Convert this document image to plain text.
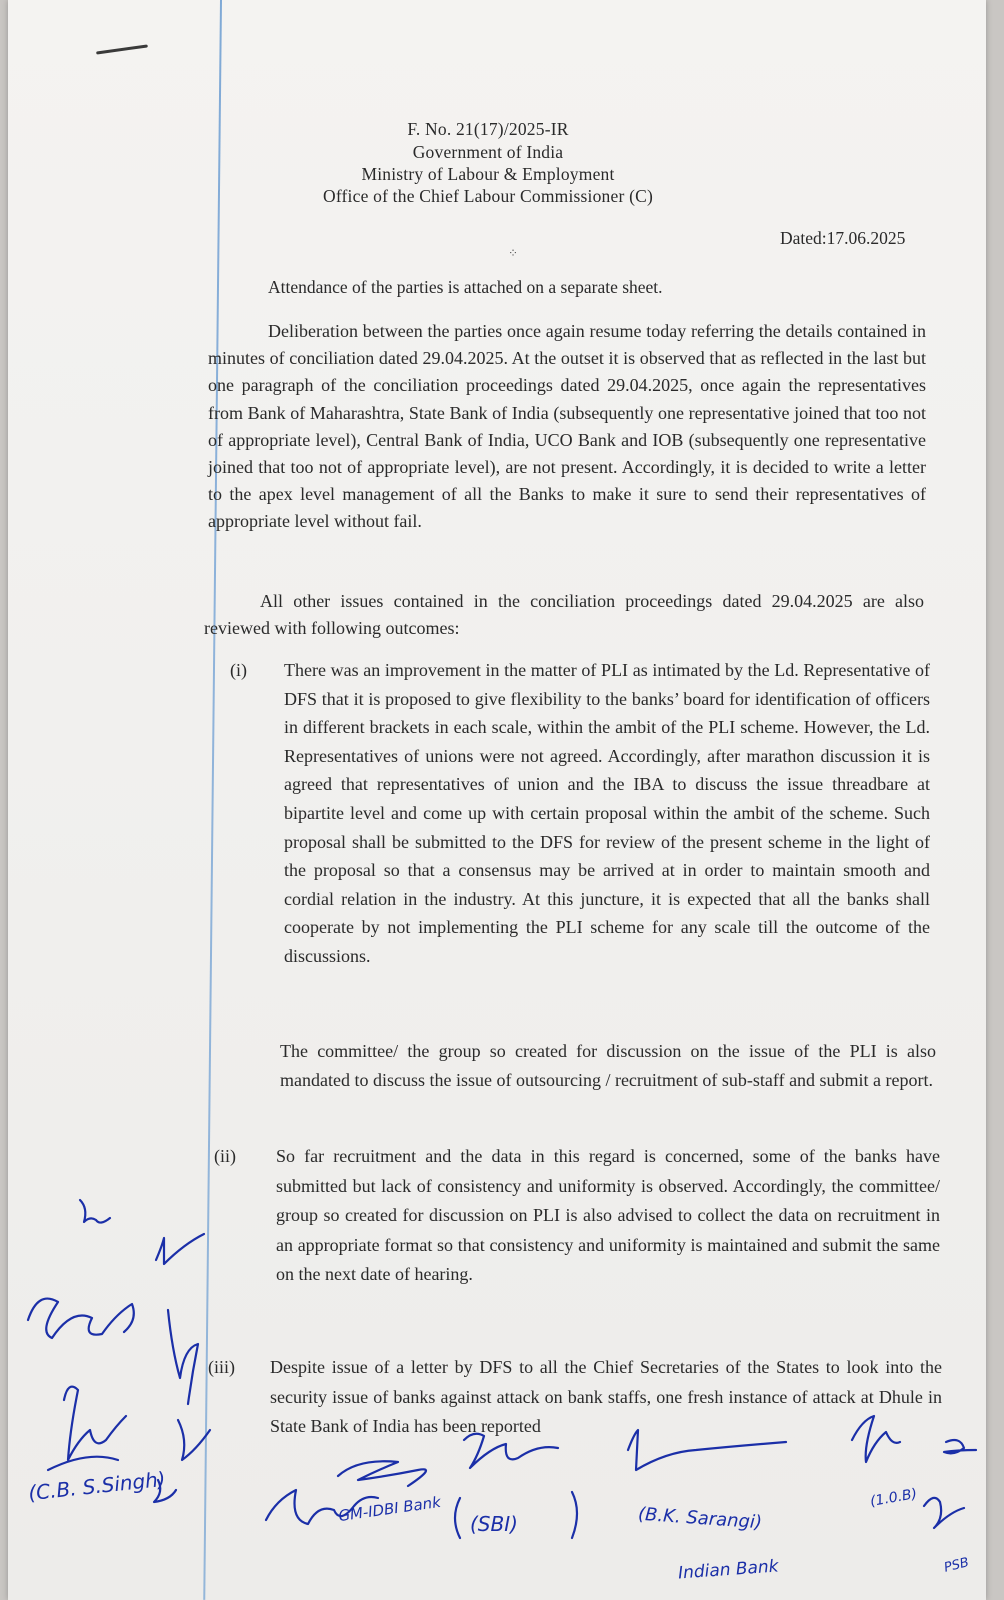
F. No. 21(17)/2025-IR
Government of India
Ministry of Labour & Employment
Office of the Chief Labour Commissioner (C)
Dated:17.06.2025
⁘
Attendance of the parties is attached on a separate sheet.
Deliberation between the parties once again resume today referring the details contained in minutes of conciliation dated 29.04.2025. At the outset it is observed that as reflected in the last but one paragraph of the conciliation proceedings dated 29.04.2025, once again the representatives from Bank of Maharashtra, State Bank of India (subsequently one representative joined that too not of appropriate level), Central Bank of India, UCO Bank and IOB (subsequently one representative joined that too not of appropriate level), are not present. Accordingly, it is decided to write a letter to the apex level management of all the Banks to make it sure to send their representatives of appropriate level without fail.
All other issues contained in the conciliation proceedings dated 29.04.2025 are also reviewed with following outcomes:
(i) There was an improvement in the matter of PLI as intimated by the Ld. Representative of DFS that it is proposed to give flexibility to the banks’ board for identification of officers in different brackets in each scale, within the ambit of the PLI scheme. However, the Ld. Representatives of unions were not agreed. Accordingly, after marathon discussion it is agreed that representatives of union and the IBA to discuss the issue threadbare at bipartite level and come up with certain proposal within the ambit of the scheme. Such proposal shall be submitted to the DFS for review of the present scheme in the light of the proposal so that a consensus may be arrived at in order to maintain smooth and cordial relation in the industry. At this juncture, it is expected that all the banks shall cooperate by not implementing the PLI scheme for any scale till the outcome of the discussions.
The committee/ the group so created for discussion on the issue of the PLI is also mandated to discuss the issue of outsourcing / recruitment of sub-staff and submit a report.
(ii) So far recruitment and the data in this regard is concerned, some of the banks have submitted but lack of consistency and uniformity is observed. Accordingly, the committee/ group so created for discussion on PLI is also advised to collect the data on recruitment in an appropriate format so that consistency and uniformity is maintained and submit the same on the next date of hearing.
(iii) Despite issue of a letter by DFS to all the Chief Secretaries of the States to look into the security issue of banks against attack on bank staffs, one fresh instance of attack at Dhule in State Bank of India has been reported
(C.B. S.Singh)
GM-IDBI Bank (SBI)	(B.K. Sarangi)
Indian Bank
(1.0.B)
PSB
